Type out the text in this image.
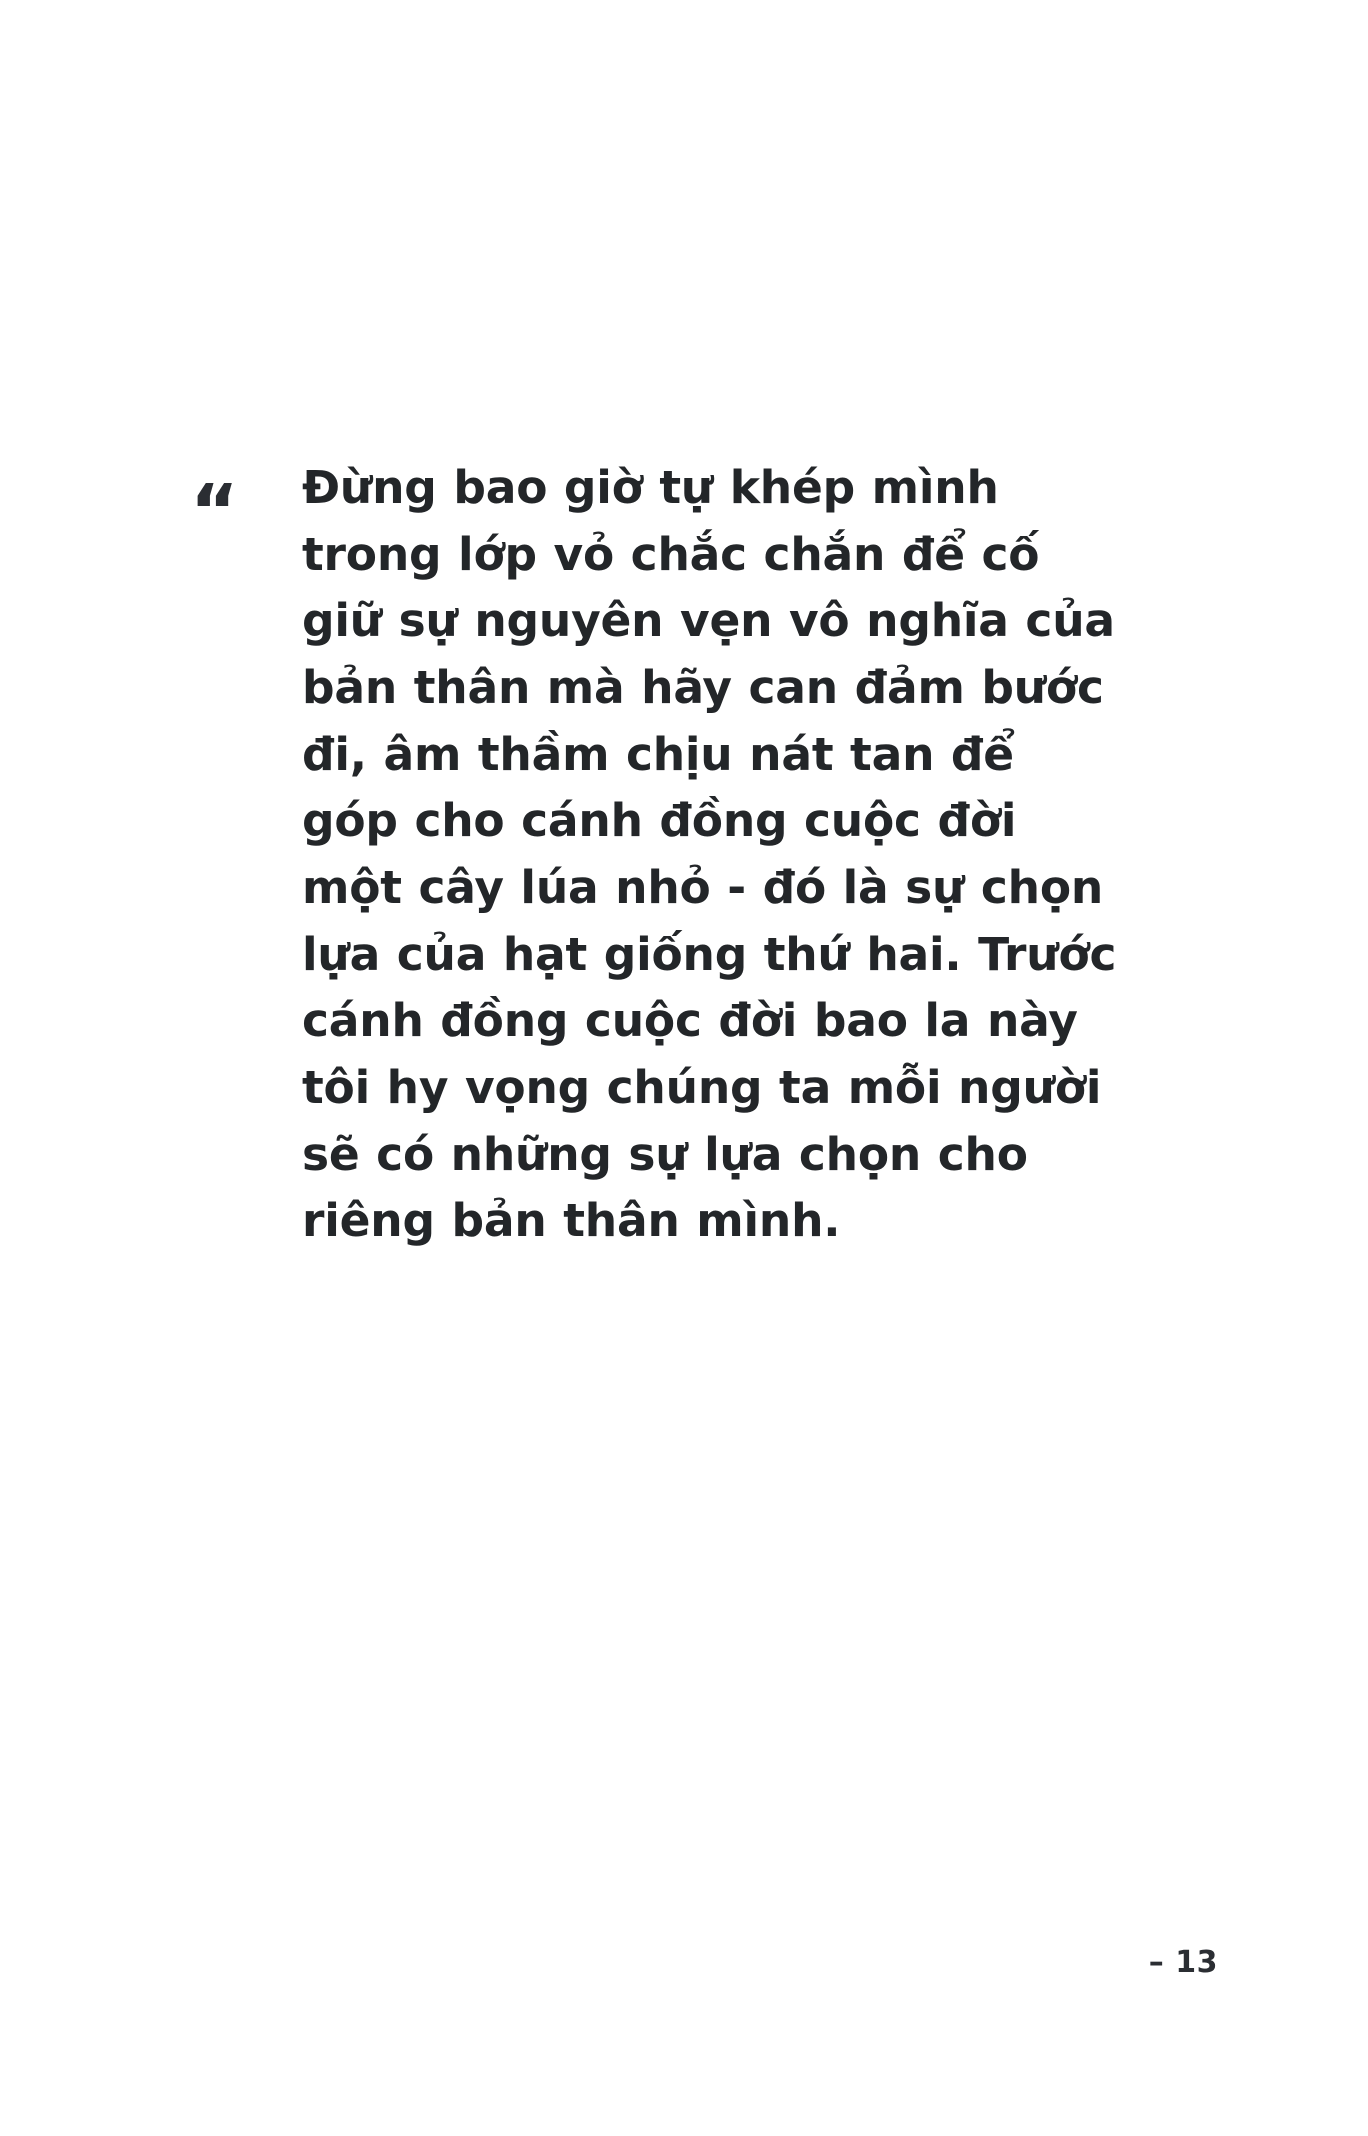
“	Đừng bao giờ tự khép mình trong lớp vỏ chắc chắn để cố giữ sự nguyên vẹn vô nghĩa của bản thân mà hãy can đảm bước đi, âm thầm chịu nát tan để góp cho cánh đồng cuộc đời một cây lúa nhỏ - đó là sự chọn lựa của hạt giống thứ hai. Trước cánh đồng cuộc đời bao la này tôi hy vọng chúng ta mỗi người sẽ có những sự lựa chọn cho riêng bản thân mình.

– 13
